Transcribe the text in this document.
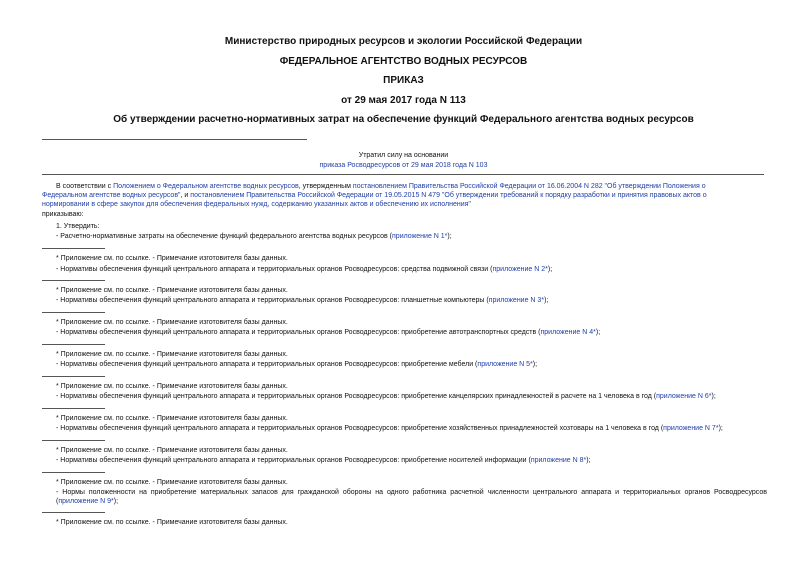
Министерство природных ресурсов и экологии Российской Федерации
ФЕДЕРАЛЬНОЕ АГЕНТСТВО ВОДНЫХ РЕСУРСОВ
ПРИКАЗ
от 29 мая 2017 года N 113
Об утверждении расчетно-нормативных затрат на обеспечение функций Федерального агентства водных ресурсов
Утратил силу на основании
приказа Росводресурсов от 29 мая 2018 года N 103
В соответствии с Положением о Федеральном агентстве водных ресурсов, утвержденным постановлением Правительства Российской Федерации от 16.06.2004 N 282 "Об утверждении Положения о
Федеральном агентстве водных ресурсов", и постановлением Правительства Российской Федерации от 19.05.2015 N 479 "Об утверждении требований к порядку разработки и принятия правовых актов о
нормировании в сфере закупок для обеспечения федеральных нужд, содержанию указанных актов и обеспечению их исполнения"
приказываю:
1. Утвердить:
- Расчетно-нормативные затраты на обеспечение функций федерального агентства водных ресурсов (приложение N 1*);
* Приложение см. по ссылке. - Примечание изготовителя базы данных.
- Нормативы обеспечения функций центрального аппарата и территориальных органов Росводресурсов: средства подвижной связи (приложение N 2*);
* Приложение см. по ссылке. - Примечание изготовителя базы данных.
- Нормативы обеспечения функций центрального аппарата и территориальных органов Росводресурсов: планшетные компьютеры (приложение N 3*);
* Приложение см. по ссылке. - Примечание изготовителя базы данных.
- Нормативы обеспечения функций центрального аппарата и территориальных органов Росводресурсов: приобретение автотранспортных средств (приложение N 4*);
* Приложение см. по ссылке. - Примечание изготовителя базы данных.
- Нормативы обеспечения функций центрального аппарата и территориальных органов Росводресурсов: приобретение мебели (приложение N 5*);
* Приложение см. по ссылке. - Примечание изготовителя базы данных.
- Нормативы обеспечения функций центрального аппарата и территориальных органов Росводресурсов: приобретение канцелярских принадлежностей в расчете на 1 человека в год (приложение N 6*);
* Приложение см. по ссылке. - Примечание изготовителя базы данных.
- Нормативы обеспечения функций центрального аппарата и территориальных органов Росводресурсов: приобретение хозяйственных принадлежностей хозтовары на 1 человека в год (приложение N 7*);
* Приложение см. по ссылке. - Примечание изготовителя базы данных.
- Нормативы обеспечения функций центрального аппарата и территориальных органов Росводресурсов: приобретение носителей информации (приложение N 8*);
* Приложение см. по ссылке. - Примечание изготовителя базы данных.
- Нормы положенности на приобретение материальных запасов для гражданской обороны на одного работника расчетной численности центрального аппарата и территориальных органов Росводресурсов (приложение N 9*);
* Приложение см. по ссылке. - Примечание изготовителя базы данных.
